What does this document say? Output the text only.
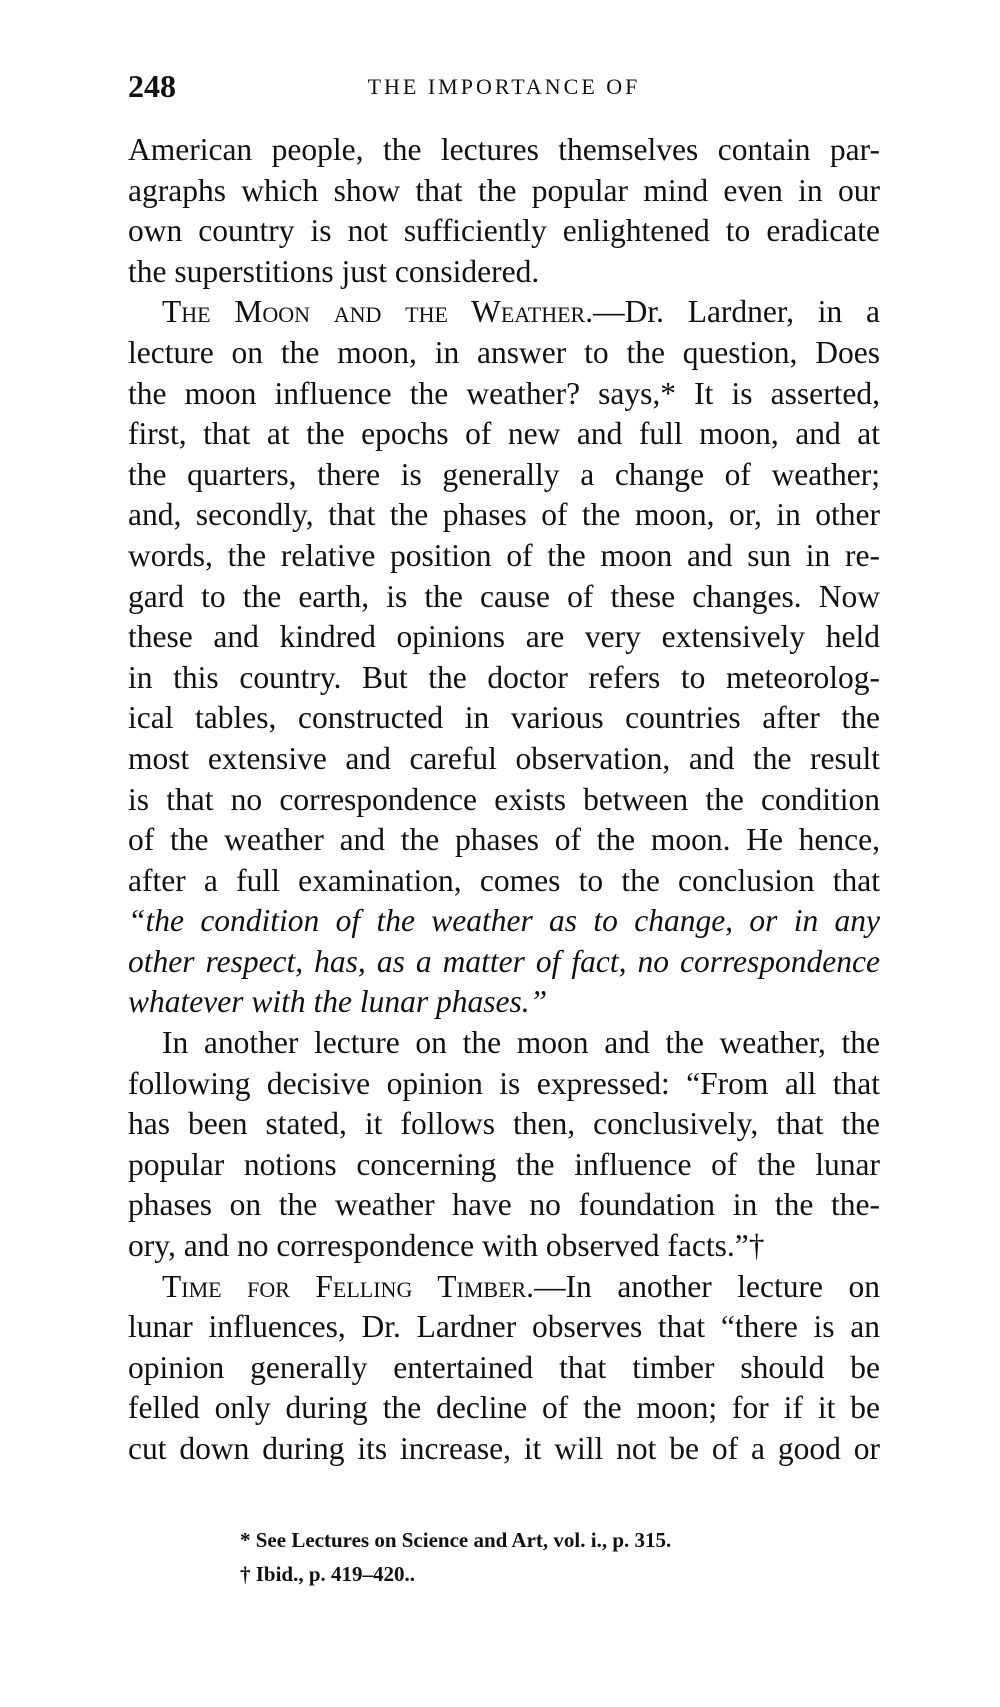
248	THE IMPORTANCE OF

American people, the lectures themselves contain par-
agraphs which show that the popular mind even in our
own country is not sufficiently enlightened to eradicate
the superstitions just considered.

The Moon and the Weather.—Dr. Lardner, in a
lecture on the moon, in answer to the question, Does
the moon influence the weather? says,* It is asserted,
first, that at the epochs of new and full moon, and at
the quarters, there is generally a change of weather;
and, secondly, that the phases of the moon, or, in other
words, the relative position of the moon and sun in re-
gard to the earth, is the cause of these changes. Now
these and kindred opinions are very extensively held
in this country. But the doctor refers to meteorolog-
ical tables, constructed in various countries after the
most extensive and careful observation, and the result
is that no correspondence exists between the condition
of the weather and the phases of the moon. He hence,
after a full examination, comes to the conclusion that
“the condition of the weather as to change, or in any
other respect, has, as a matter of fact, no correspondence
whatever with the lunar phases.”

In another lecture on the moon and the weather, the
following decisive opinion is expressed: “From all that
has been stated, it follows then, conclusively, that the
popular notions concerning the influence of the lunar
phases on the weather have no foundation in the the-
ory, and no correspondence with observed facts.”†

Time for Felling Timber.—In another lecture on
lunar influences, Dr. Lardner observes that “there is an
opinion generally entertained that timber should be
felled only during the decline of the moon; for if it be
cut down during its increase, it will not be of a good or

* See Lectures on Science and Art, vol. i., p. 315.
† Ibid., p. 419–420..
